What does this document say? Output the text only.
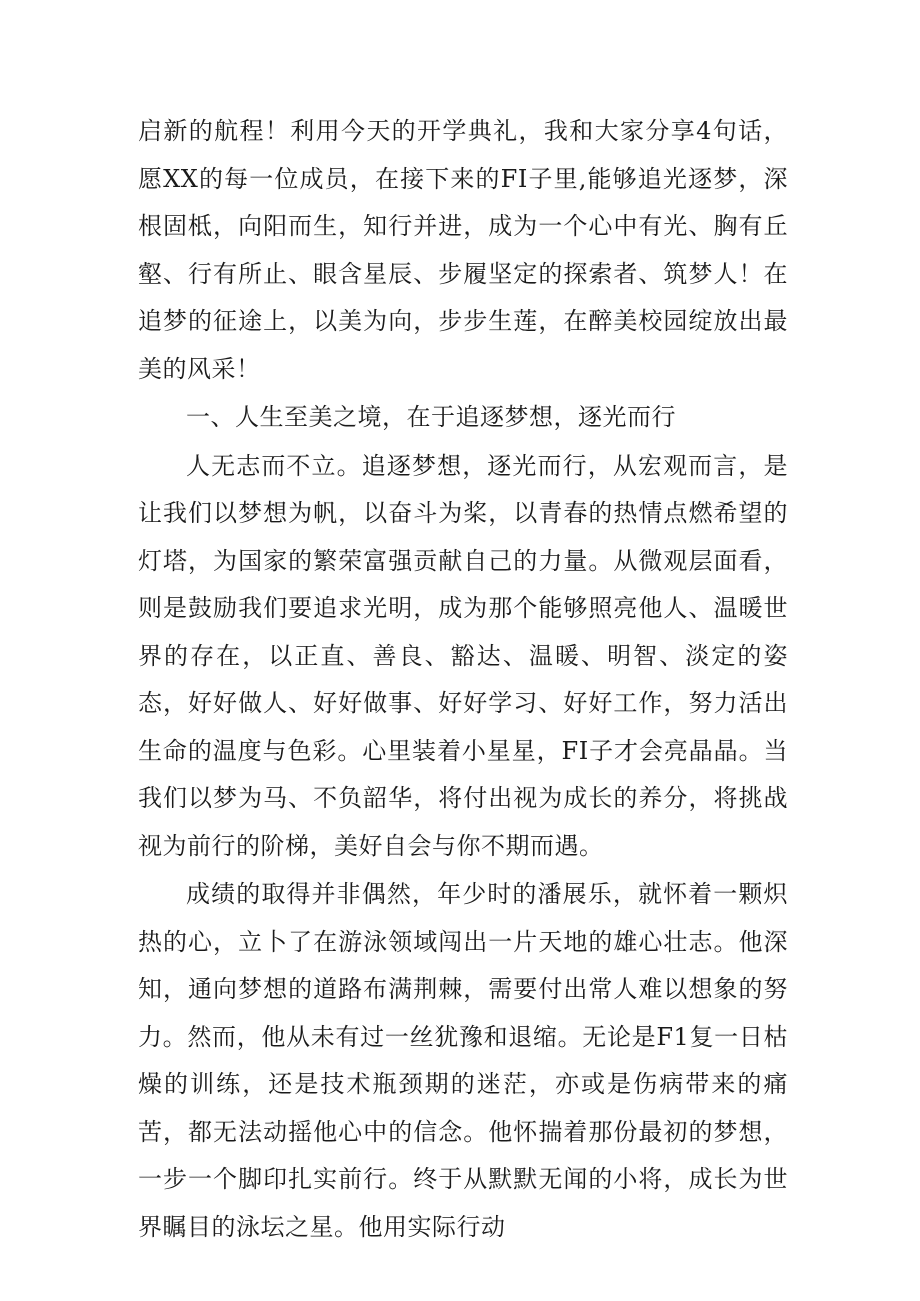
启新的航程！利用今天的开学典礼，我和大家分享4句话，愿XX的每一位成员，在接下来的FI子里,能够追光逐梦，深根固柢，向阳而生，知行并进，成为一个心中有光、胸有丘壑、行有所止、眼含星辰、步履坚定的探索者、筑梦人！在追梦的征途上，以美为向，步步生莲，在醉美校园绽放出最美的风采！

一、人生至美之境，在于追逐梦想，逐光而行

人无志而不立。追逐梦想，逐光而行，从宏观而言，是让我们以梦想为帆，以奋斗为桨，以青春的热情点燃希望的灯塔，为国家的繁荣富强贡献自己的力量。从微观层面看，则是鼓励我们要追求光明，成为那个能够照亮他人、温暖世界的存在，以正直、善良、豁达、温暖、明智、淡定的姿态，好好做人、好好做事、好好学习、好好工作，努力活出生命的温度与色彩。心里装着小星星，FI子才会亮晶晶。当我们以梦为马、不负韶华，将付出视为成长的养分，将挑战视为前行的阶梯，美好自会与你不期而遇。

成绩的取得并非偶然，年少时的潘展乐，就怀着一颗炽热的心，立卜了在游泳领域闯出一片天地的雄心壮志。他深知，通向梦想的道路布满荆棘，需要付出常人难以想象的努力。然而，他从未有过一丝犹豫和退缩。无论是F1复一日枯燥的训练，还是技术瓶颈期的迷茫，亦或是伤病带来的痛苦，都无法动摇他心中的信念。他怀揣着那份最初的梦想，一步一个脚印扎实前行。终于从默默无闻的小将，成长为世界瞩目的泳坛之星。他用实际行动
